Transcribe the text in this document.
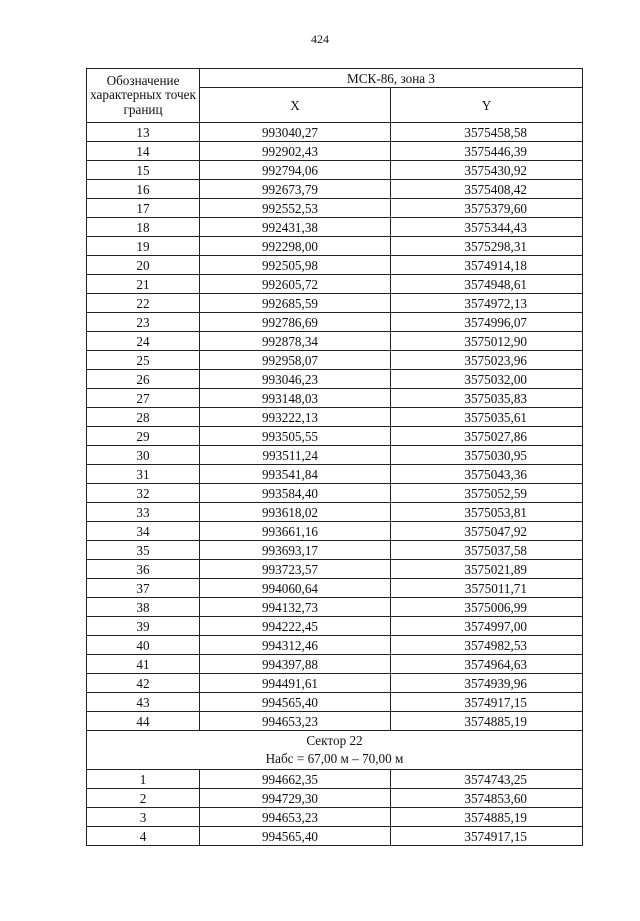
424
Обозначение характерных точек границ	МСК-86, зона 3	
	X	Y
13	993040,27	3575458,58
14	992902,43	3575446,39
15	992794,06	3575430,92
16	992673,79	3575408,42
17	992552,53	3575379,60
18	992431,38	3575344,43
19	992298,00	3575298,31
20	992505,98	3574914,18
21	992605,72	3574948,61
22	992685,59	3574972,13
23	992786,69	3574996,07
24	992878,34	3575012,90
25	992958,07	3575023,96
26	993046,23	3575032,00
27	993148,03	3575035,83
28	993222,13	3575035,61
29	993505,55	3575027,86
30	993511,24	3575030,95
31	993541,84	3575043,36
32	993584,40	3575052,59
33	993618,02	3575053,81
34	993661,16	3575047,92
35	993693,17	3575037,58
36	993723,57	3575021,89
37	994060,64	3575011,71
38	994132,73	3575006,99
39	994222,45	3574997,00
40	994312,46	3574982,53
41	994397,88	3574964,63
42	994491,61	3574939,96
43	994565,40	3574917,15
44	994653,23	3574885,19

Сектор 22
Набс = 67,00 м – 70,00 м		

1	994662,35	3574743,25
2	994729,30	3574853,60
3	994653,23	3574885,19
4	994565,40	3574917,15
